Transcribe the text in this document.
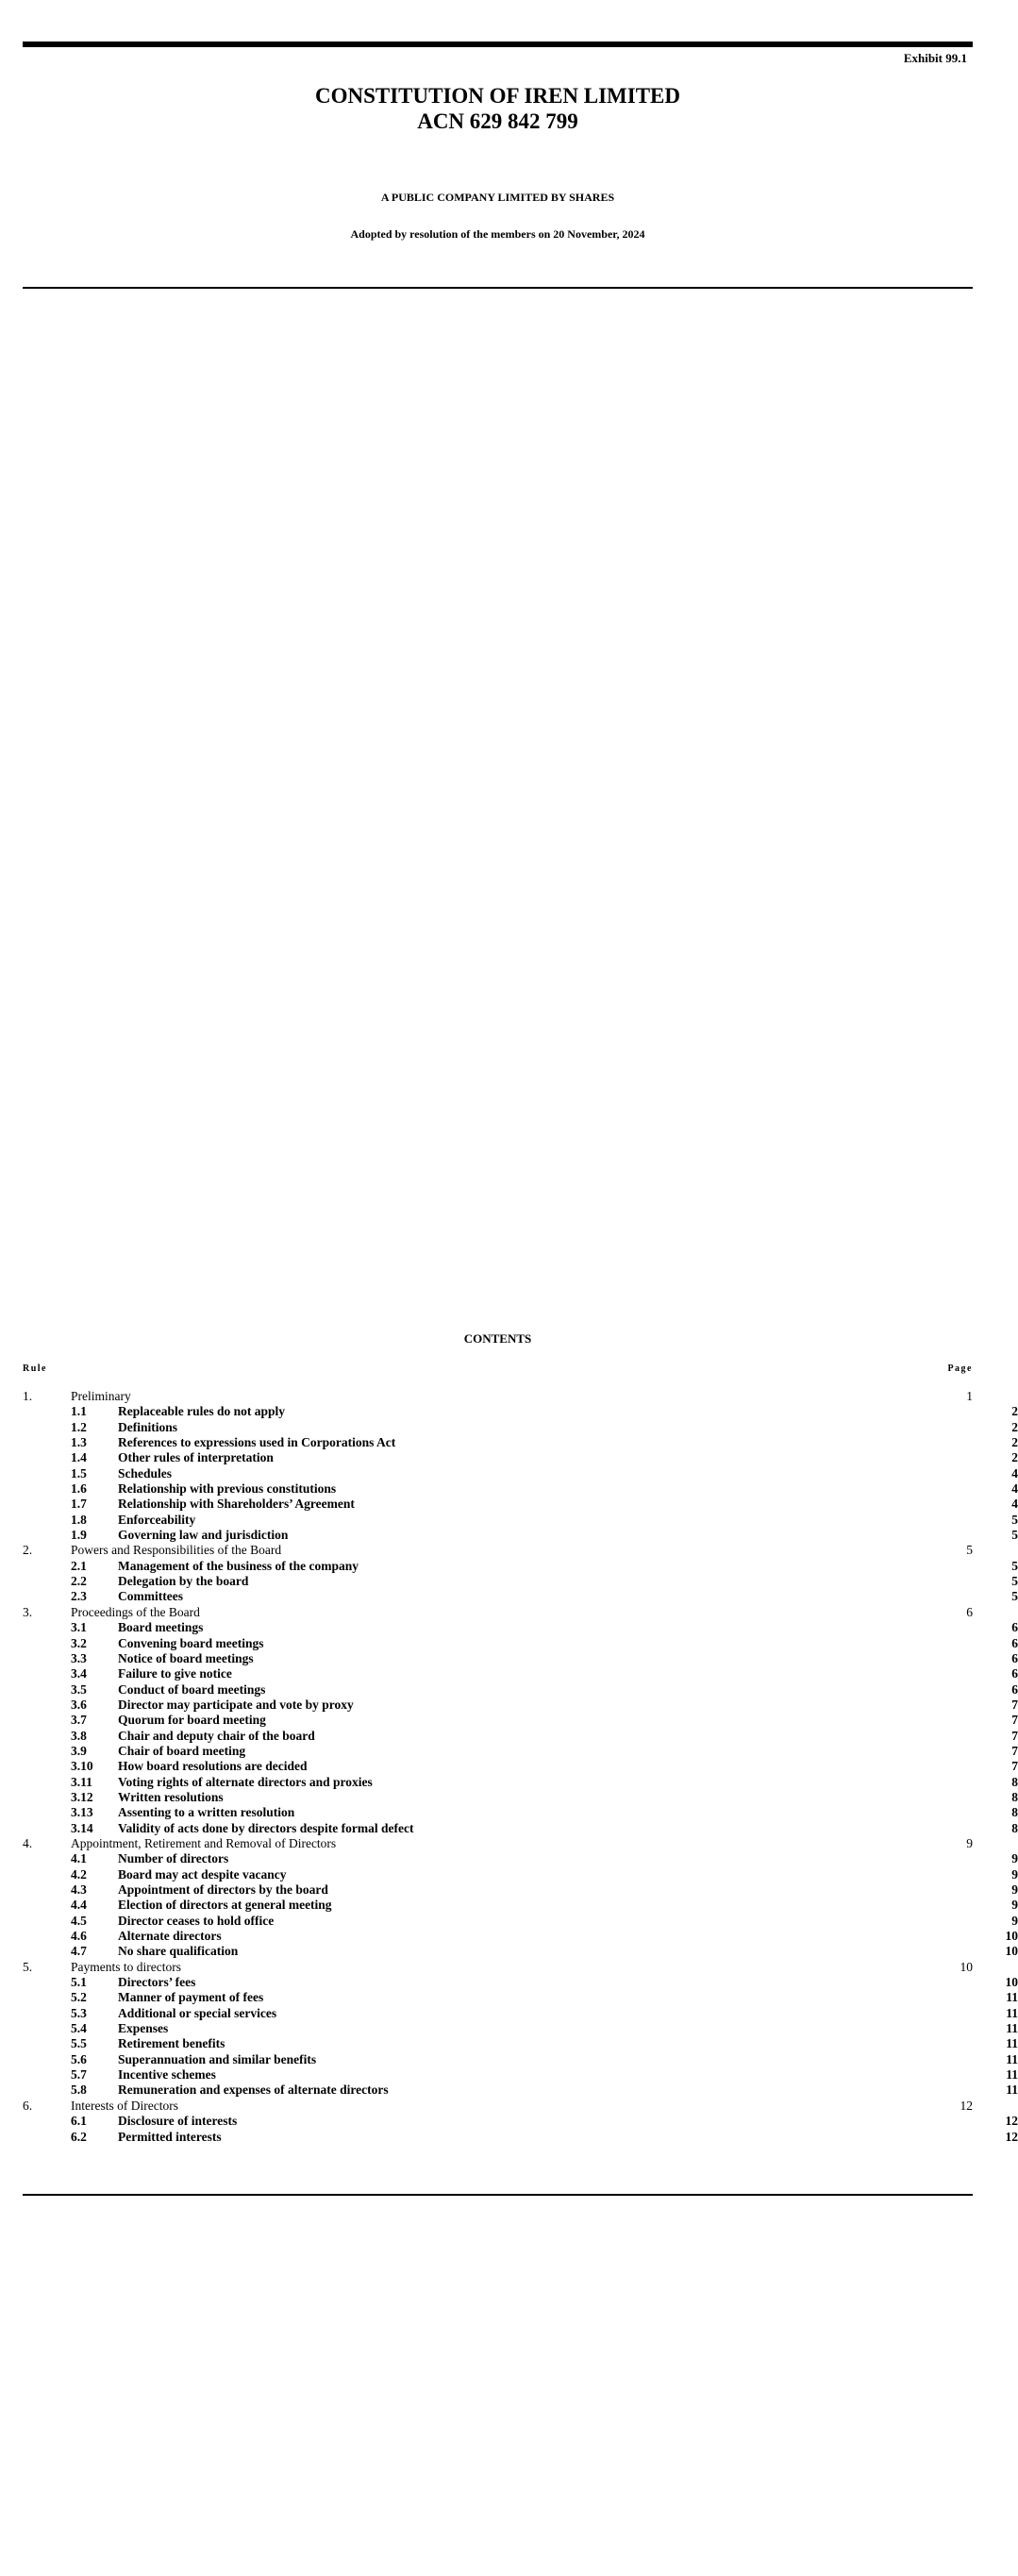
Exhibit 99.1
CONSTITUTION OF IREN LIMITED
ACN 629 842 799
A PUBLIC COMPANY LIMITED BY SHARES
Adopted by resolution of the members on 20 November, 2024
CONTENTS
Rule	Page
1.	Preliminary	1
1.1 Replaceable rules do not apply	2
1.2 Definitions	2
1.3 References to expressions used in Corporations Act	2
1.4 Other rules of interpretation	2
1.5 Schedules	4
1.6 Relationship with previous constitutions	4
1.7 Relationship with Shareholders’ Agreement	4
1.8 Enforceability	5
1.9 Governing law and jurisdiction	5
2.	Powers and Responsibilities of the Board	5
2.1 Management of the business of the company	5
2.2 Delegation by the board	5
2.3 Committees	5
3.	Proceedings of the Board	6
3.1 Board meetings	6
3.2 Convening board meetings	6
3.3 Notice of board meetings	6
3.4 Failure to give notice	6
3.5 Conduct of board meetings	6
3.6 Director may participate and vote by proxy	7
3.7 Quorum for board meeting	7
3.8 Chair and deputy chair of the board	7
3.9 Chair of board meeting	7
3.10 How board resolutions are decided	7
3.11 Voting rights of alternate directors and proxies	8
3.12 Written resolutions	8
3.13 Assenting to a written resolution	8
3.14 Validity of acts done by directors despite formal defect	8
4.	Appointment, Retirement and Removal of Directors	9
4.1 Number of directors	9
4.2 Board may act despite vacancy	9
4.3 Appointment of directors by the board	9
4.4 Election of directors at general meeting	9
4.5 Director ceases to hold office	9
4.6 Alternate directors	10
4.7 No share qualification	10
5.	Payments to directors	10
5.1 Directors’ fees	10
5.2 Manner of payment of fees	11
5.3 Additional or special services	11
5.4 Expenses	11
5.5 Retirement benefits	11
5.6 Superannuation and similar benefits	11
5.7 Incentive schemes	11
5.8 Remuneration and expenses of alternate directors	11
6.	Interests of Directors	12
6.1 Disclosure of interests	12
6.2 Permitted interests	12
